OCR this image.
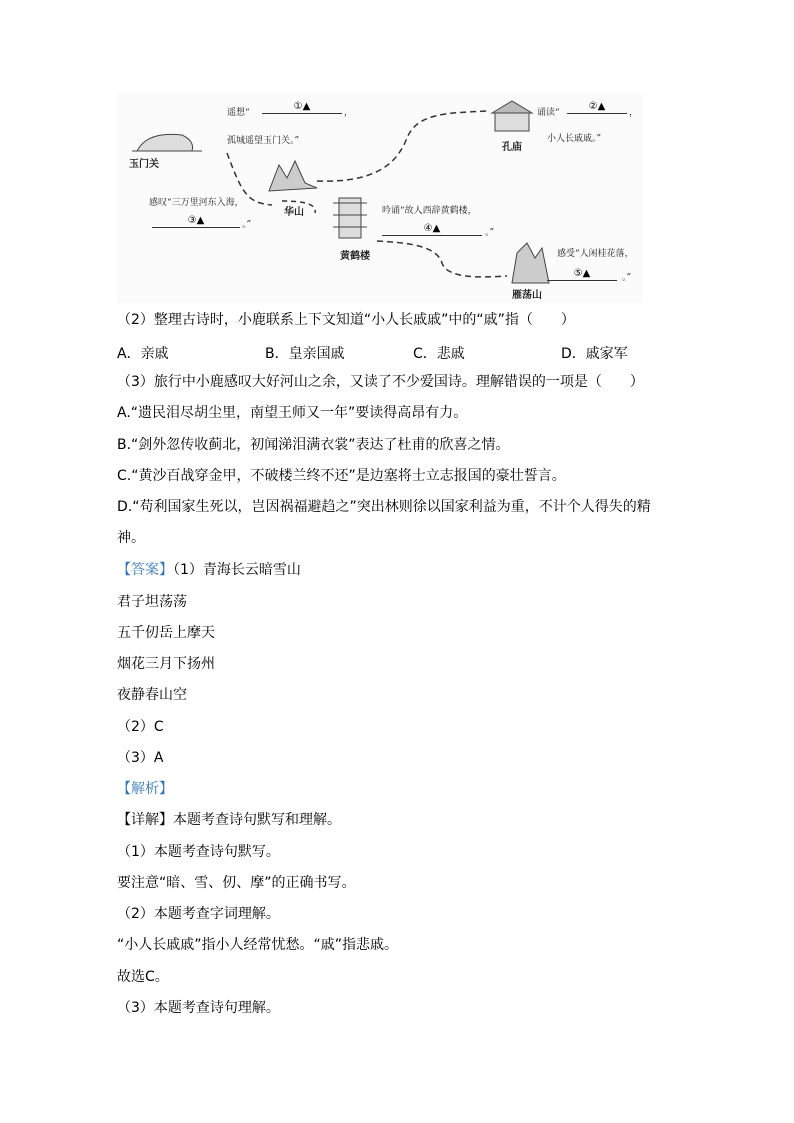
玉门关
华山
黄鹤楼
孔庙
雁荡山
遥想“
①▲
，
孤城遥望玉门关。”
诵读“
②▲
，
小人长戚戚。”
感叹“三万里河东入海，
③▲	。”
吟诵“故人西辞黄鹤楼，
④▲	。”
感受“人闲桂花落，
⑤▲	。”
（2）整理古诗时，小鹿联系上下文知道“小人长戚戚”中的“戚”指（　　）
A．亲戚	B．皇亲国戚	C．悲戚	D．戚家军
（3）旅行中小鹿感叹大好河山之余，又读了不少爱国诗。理解错误的一项是（　　）
A.“遗民泪尽胡尘里，南望王师又一年”要读得高昂有力。
B.“剑外忽传收蓟北，初闻涕泪满衣裳”表达了杜甫的欣喜之情。
C.“黄沙百战穿金甲，不破楼兰终不还”是边塞将士立志报国的豪壮誓言。
D.“苟利国家生死以，岂因祸福避趋之”突出林则徐以国家利益为重，不计个人得失的精
神。
【答案】（1）青海长云暗雪山
君子坦荡荡
五千仞岳上摩天
烟花三月下扬州
夜静春山空
（2）C
（3）A
【解析】
【详解】本题考查诗句默写和理解。
（1）本题考查诗句默写。
要注意“暗、雪、仞、摩”的正确书写。
（2）本题考查字词理解。
“小人长戚戚”指小人经常忧愁。“戚”指悲戚。
故选C。
（3）本题考查诗句理解。
